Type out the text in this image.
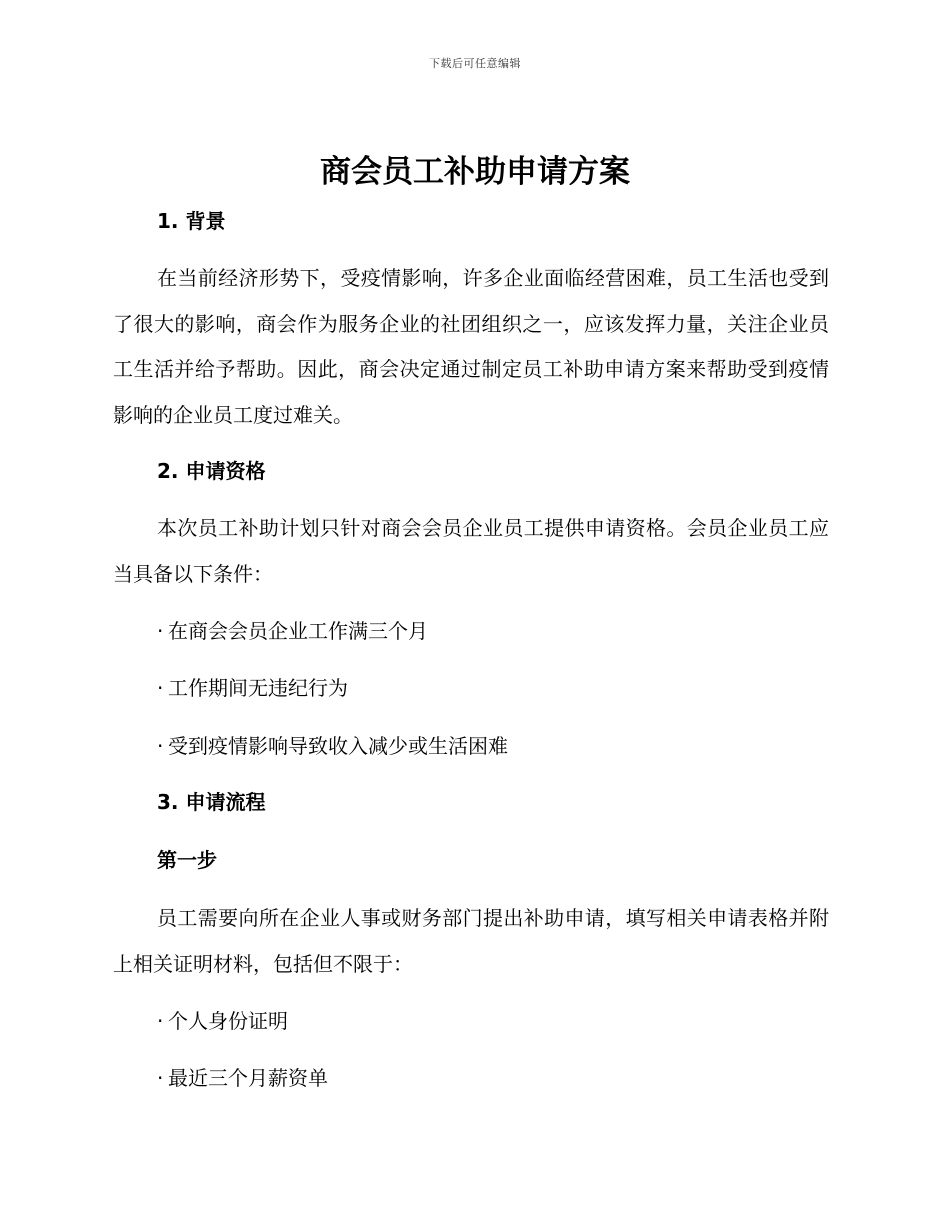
下载后可任意编辑
商会员工补助申请方案
1. 背景

在当前经济形势下，受疫情影响，许多企业面临经营困难，员工生活也受到了很大的影响，商会作为服务企业的社团组织之一，应该发挥力量，关注企业员工生活并给予帮助。因此，商会决定通过制定员工补助申请方案来帮助受到疫情影响的企业员工度过难关。

2. 申请资格

本次员工补助计划只针对商会会员企业员工提供申请资格。会员企业员工应当具备以下条件：

· 在商会会员企业工作满三个月

· 工作期间无违纪行为

· 受到疫情影响导致收入减少或生活困难

3. 申请流程
第一步

员工需要向所在企业人事或财务部门提出补助申请，填写相关申请表格并附上相关证明材料，包括但不限于：

· 个人身份证明

· 最近三个月薪资单
